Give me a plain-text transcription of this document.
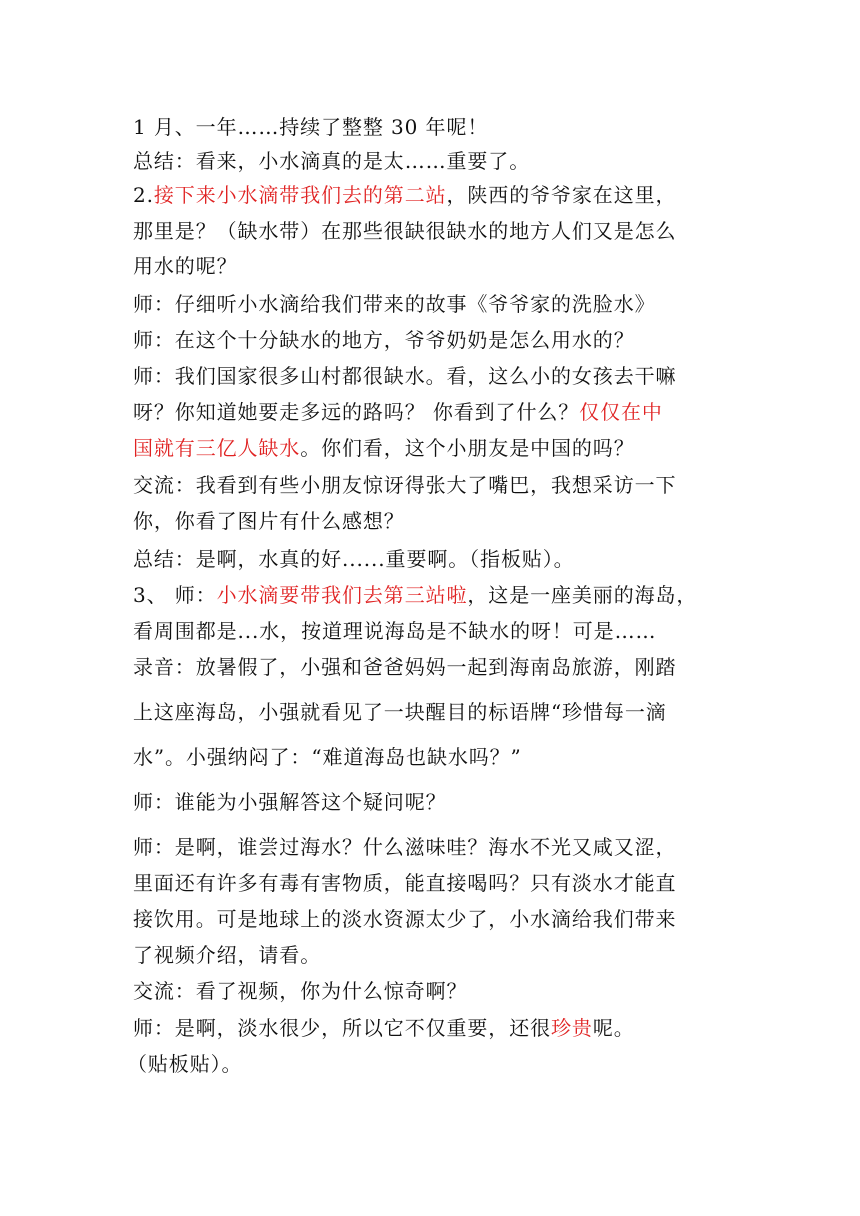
1 月、一年……持续了整整 30 年呢！
总结：看来，小水滴真的是太……重要了。
2.接下来小水滴带我们去的第二站，陕西的爷爷家在这里，
那里是？（缺水带）在那些很缺很缺水的地方人们又是怎么
用水的呢？
师：仔细听小水滴给我们带来的故事《爷爷家的洗脸水》
师：在这个十分缺水的地方，爷爷奶奶是怎么用水的？
师：我们国家很多山村都很缺水。看，这么小的女孩去干嘛
呀？你知道她要走多远的路吗？ 你看到了什么？仅仅在中
国就有三亿人缺水。你们看，这个小朋友是中国的吗？
交流：我看到有些小朋友惊讶得张大了嘴巴，我想采访一下
你，你看了图片有什么感想？
总结：是啊，水真的好......重要啊。（指板贴）。
3、 师：小水滴要带我们去第三站啦，这是一座美丽的海岛，
看周围都是...水，按道理说海岛是不缺水的呀！可是……
录音：放暑假了，小强和爸爸妈妈一起到海南岛旅游，刚踏
上这座海岛，小强就看见了一块醒目的标语牌“珍惜每一滴
水”。小强纳闷了：“难道海岛也缺水吗？”
师：谁能为小强解答这个疑问呢？
师：是啊，谁尝过海水？什么滋味哇？海水不光又咸又涩，
里面还有许多有毒有害物质，能直接喝吗？只有淡水才能直
接饮用。可是地球上的淡水资源太少了，小水滴给我们带来
了视频介绍，请看。
交流：看了视频，你为什么惊奇啊？
师：是啊，淡水很少，所以它不仅重要，还很珍贵呢。
（贴板贴）。
